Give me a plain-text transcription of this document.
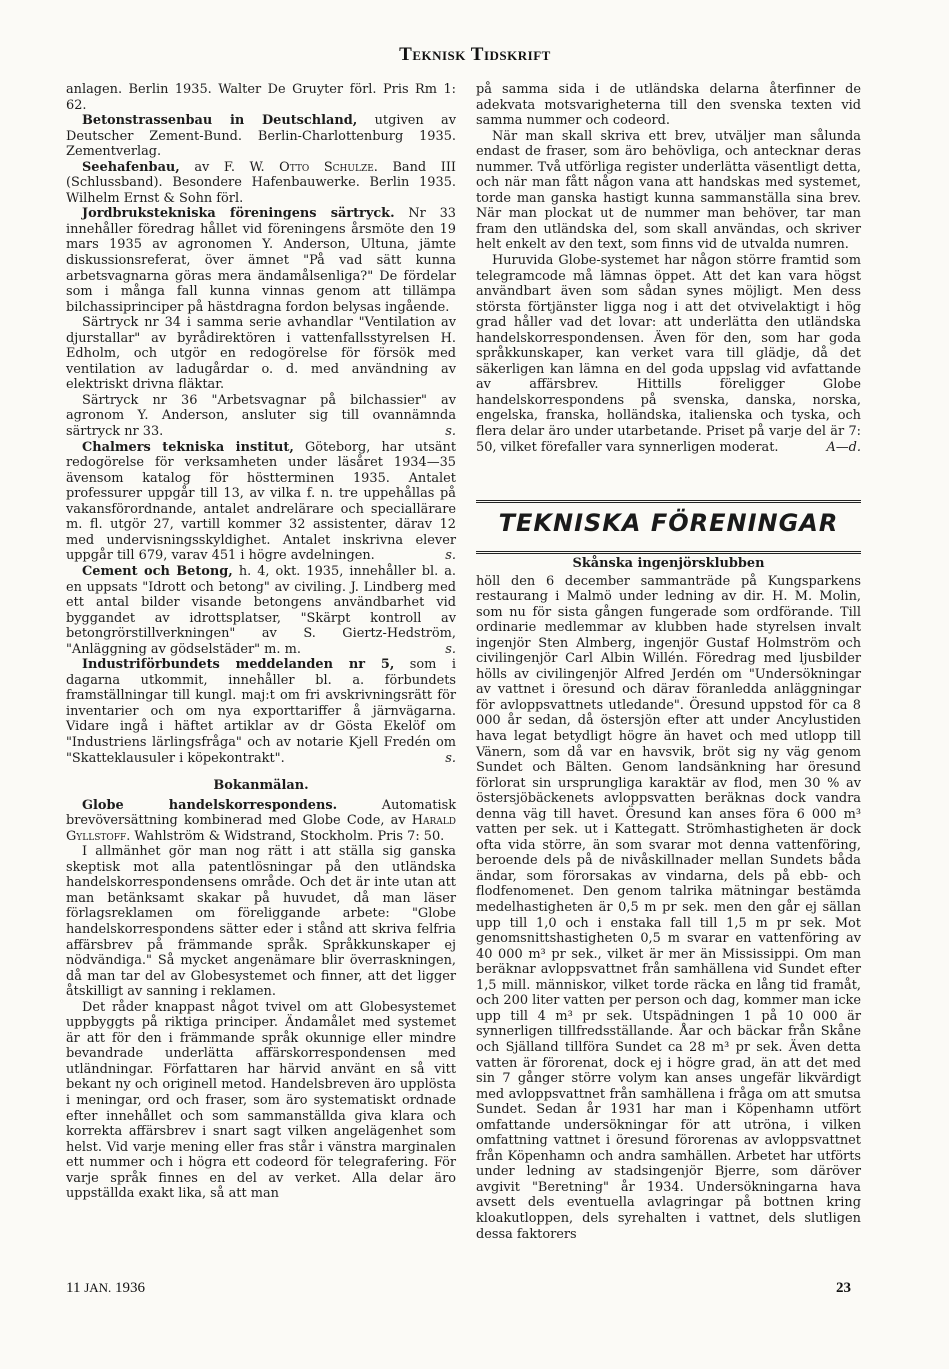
Teknisk Tidskrift

anlagen. Berlin 1935. Walter De Gruyter förl. Pris Rm 1: 62.

Betonstrassenbau in Deutschland, utgiven av Deutscher Zement-Bund. Berlin-Charlottenburg 1935. Zementverlag.

Seehafenbau, av F. W. Otto Schulze. Band III (Schlussband). Besondere Hafenbauwerke. Berlin 1935. Wilhelm Ernst & Sohn förl.

Jordbrukstekniska föreningens särtryck. Nr 33 innehåller föredrag hållet vid föreningens årsmöte den 19 mars 1935 av agronomen Y. Anderson, Ultuna, jämte diskussionsreferat, över ämnet "På vad sätt kunna arbetsvagnarna göras mera ändamålsenliga?" De fördelar som i många fall kunna vinnas genom att tillämpa bilchassiprinciper på hästdragna fordon belysas ingående.

Särtryck nr 34 i samma serie avhandlar "Ventilation av djurstallar" av byrådirektören i vattenfallsstyrelsen H. Edholm, och utgör en redogörelse för försök med ventilation av ladugårdar o. d. med användning av elektriskt drivna fläktar.

Särtryck nr 36 "Arbetsvagnar på bilchassier" av agronom Y. Anderson, ansluter sig till ovannämnda särtryck nr 33.	s.

Chalmers tekniska institut, Göteborg, har utsänt redogörelse för verksamheten under läsåret 1934—35 ävensom katalog för höstterminen 1935. Antalet professurer uppgår till 13, av vilka f. n. tre uppehållas på vakansförordnande, antalet andrelärare och speciallärare m. fl. utgör 27, vartill kommer 32 assistenter, därav 12 med undervisningsskyldighet. Antalet inskrivna elever uppgår till 679, varav 451 i högre avdelningen.	s.

Cement och Betong, h. 4, okt. 1935, innehåller bl. a. en uppsats "Idrott och betong" av civiling. J. Lindberg med ett antal bilder visande betongens användbarhet vid byggandet av idrottsplatser, "Skärpt kontroll av betongrörstillverkningen" av S. Giertz-Hedström, "Anläggning av gödselstäder" m. m.	s.

Industriförbundets meddelanden nr 5, som i dagarna utkommit, innehåller bl. a. förbundets framställningar till kungl. maj:t om fri avskrivningsrätt för inventarier och om nya exporttariffer å järnvägarna. Vidare ingå i häftet artiklar av dr Gösta Ekelöf om "Industriens lärlingsfråga" och av notarie Kjell Fredén om "Skatteklausuler i köpekontrakt".	s.

Bokanmälan.

Globe handelskorrespondens. Automatisk brevöversättning kombinerad med Globe Code, av Harald Gyllstoff. Wahlström & Widstrand, Stockholm. Pris 7: 50.

I allmänhet gör man nog rätt i att ställa sig ganska skeptisk mot alla patentlösningar på den utländska handelskorrespondensens område. Och det är inte utan att man betänksamt skakar på huvudet, då man läser förlagsreklamen om föreliggande arbete: "Globe handelskorrespondens sätter eder i stånd att skriva felfria affärsbrev på främmande språk. Språkkunskaper ej nödvändiga." Så mycket angenämare blir överraskningen, då man tar del av Globesystemet och finner, att det ligger åtskilligt av sanning i reklamen.

Det råder knappast något tvivel om att Globesystemet uppbyggts på riktiga principer. Ändamålet med systemet är att för den i främmande språk okunnige eller mindre bevandrade underlätta affärskorrespondensen med utländningar. Författaren har härvid använt en så vitt bekant ny och originell metod. Handelsbreven äro upplösta i meningar, ord och fraser, som äro systematiskt ordnade efter innehållet och som sammanställda giva klara och korrekta affärsbrev i snart sagt vilken angelägenhet som helst. Vid varje mening eller fras står i vänstra marginalen ett nummer och i högra ett codeord för telegrafering. För varje språk finnes en del av verket. Alla delar äro uppställda exakt lika, så att man

på samma sida i de utländska delarna återfinner de adekvata motsvarigheterna till den svenska texten vid samma nummer och codeord.

När man skall skriva ett brev, utväljer man sålunda endast de fraser, som äro behövliga, och antecknar deras nummer. Två utförliga register underlätta väsentligt detta, och när man fått någon vana att handskas med systemet, torde man ganska hastigt kunna sammanställa sina brev. När man plockat ut de nummer man behöver, tar man fram den utländska del, som skall användas, och skriver helt enkelt av den text, som finns vid de utvalda numren.

Huruvida Globe-systemet har någon större framtid som telegramcode må lämnas öppet. Att det kan vara högst användbart även som sådan synes möjligt. Men dess största förtjänster ligga nog i att det otvivelaktigt i hög grad håller vad det lovar: att underlätta den utländska handelskorrespondensen. Även för den, som har goda språkkunskaper, kan verket vara till glädje, då det säkerligen kan lämna en del goda uppslag vid avfattande av affärsbrev. Hittills föreligger Globe handelskorrespondens på svenska, danska, norska, engelska, franska, holländska, italienska och tyska, och flera delar äro under utarbetande. Priset på varje del är 7: 50, vilket förefaller vara synnerligen moderat.	A—d.

TEKNISKA FÖRENINGAR
Skånska ingenjörsklubben

höll den 6 december sammanträde på Kungsparkens restaurang i Malmö under ledning av dir. H. M. Molin, som nu för sista gången fungerade som ordförande. Till ordinarie medlemmar av klubben hade styrelsen invalt ingenjör Sten Almberg, ingenjör Gustaf Holmström och civilingenjör Carl Albin Willén. Föredrag med ljusbilder hölls av civilingenjör Alfred Jerdén om "Undersökningar av vattnet i öresund och därav föranledda anläggningar för avloppsvattnets utledande". Öresund uppstod för ca 8 000 år sedan, då östersjön efter att under Ancylustiden hava legat betydligt högre än havet och med utlopp till Vänern, som då var en havsvik, bröt sig ny väg genom Sundet och Bälten. Genom landsänkning har öresund förlorat sin ursprungliga karaktär av flod, men 30 % av östersjöbäckenets avloppsvatten beräknas dock vandra denna väg till havet. Öresund kan anses föra 6 000 m³ vatten per sek. ut i Kattegatt. Strömhastigheten är dock ofta vida större, än som svarar mot denna vattenföring, beroende dels på de nivåskillnader mellan Sundets båda ändar, som förorsakas av vindarna, dels på ebb- och flodfenomenet. Den genom talrika mätningar bestämda medelhastigheten är 0,5 m pr sek. men den går ej sällan upp till 1,0 och i enstaka fall till 1,5 m pr sek. Mot genomsnittshastigheten 0,5 m svarar en vattenföring av 40 000 m³ pr sek., vilket är mer än Mississippi. Om man beräknar avloppsvattnet från samhällena vid Sundet efter 1,5 mill. människor, vilket torde räcka en lång tid framåt, och 200 liter vatten per person och dag, kommer man icke upp till 4 m³ pr sek. Utspädningen 1 på 10 000 är synnerligen tillfredsställande. Åar och bäckar från Skåne och Själland tillföra Sundet ca 28 m³ pr sek. Även detta vatten är förorenat, dock ej i högre grad, än att det med sin 7 gånger större volym kan anses ungefär likvärdigt med avloppsvattnet från samhällena i fråga om att smutsa Sundet. Sedan år 1931 har man i Köpenhamn utfört omfattande undersökningar för att utröna, i vilken omfattning vattnet i öresund förorenas av avloppsvattnet från Köpenhamn och andra samhällen. Arbetet har utförts under ledning av stadsingenjör Bjerre, som däröver avgivit "Beretning" år 1934. Undersökningarna hava avsett dels eventuella avlagringar på bottnen kring kloakutloppen, dels syrehalten i vattnet, dels slutligen dessa faktorers

11 JAN. 1936	23
